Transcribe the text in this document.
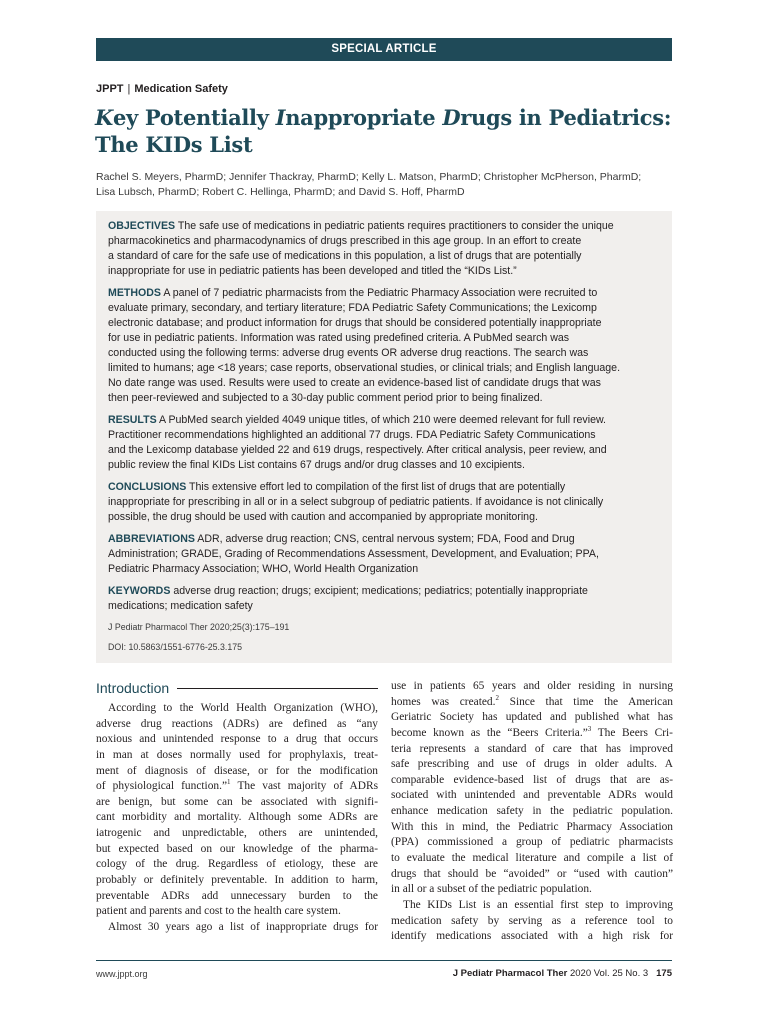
SPECIAL ARTICLE
JPPT | Medication Safety
Key Potentially Inappropriate Drugs in Pediatrics:
The KIDs List
Rachel S. Meyers, PharmD; Jennifer Thackray, PharmD; Kelly L. Matson, PharmD; Christopher McPherson, PharmD;
Lisa Lubsch, PharmD; Robert C. Hellinga, PharmD; and David S. Hoff, PharmD
OBJECTIVES The safe use of medications in pediatric patients requires practitioners to consider the unique
pharmacokinetics and pharmacodynamics of drugs prescribed in this age group. In an effort to create
a standard of care for the safe use of medications in this population, a list of drugs that are potentially
inappropriate for use in pediatric patients has been developed and titled the “KIDs List.”
METHODS A panel of 7 pediatric pharmacists from the Pediatric Pharmacy Association were recruited to
evaluate primary, secondary, and tertiary literature; FDA Pediatric Safety Communications; the Lexicomp
electronic database; and product information for drugs that should be considered potentially inappropriate
for use in pediatric patients. Information was rated using predefined criteria. A PubMed search was
conducted using the following terms: adverse drug events OR adverse drug reactions. The search was
limited to humans; age <18 years; case reports, observational studies, or clinical trials; and English language.
No date range was used. Results were used to create an evidence-based list of candidate drugs that was
then peer-reviewed and subjected to a 30-day public comment period prior to being finalized.
RESULTS A PubMed search yielded 4049 unique titles, of which 210 were deemed relevant for full review.
Practitioner recommendations highlighted an additional 77 drugs. FDA Pediatric Safety Communications
and the Lexicomp database yielded 22 and 619 drugs, respectively. After critical analysis, peer review, and
public review the final KIDs List contains 67 drugs and/or drug classes and 10 excipients.
CONCLUSIONS This extensive effort led to compilation of the first list of drugs that are potentially
inappropriate for prescribing in all or in a select subgroup of pediatric patients. If avoidance is not clinically
possible, the drug should be used with caution and accompanied by appropriate monitoring.
ABBREVIATIONS ADR, adverse drug reaction; CNS, central nervous system; FDA, Food and Drug
Administration; GRADE, Grading of Recommendations Assessment, Development, and Evaluation; PPA,
Pediatric Pharmacy Association; WHO, World Health Organization
KEYWORDS adverse drug reaction; drugs; excipient; medications; pediatrics; potentially inappropriate
medications; medication safety
J Pediatr Pharmacol Ther 2020;25(3):175–191
DOI: 10.5863/1551-6776-25.3.175
Introduction

According to the World Health Organization (WHO),
adverse drug reactions (ADRs) are defined as “any
noxious and unintended response to a drug that occurs
in man at doses normally used for prophylaxis, treat-
ment of diagnosis of disease, or for the modification
of physiological function.”$^1$ The vast majority of ADRs
are benign, but some can be associated with signifi-
cant morbidity and mortality. Although some ADRs are
iatrogenic and unpredictable, others are unintended,
but expected based on our knowledge of the pharma-
cology of the drug. Regardless of etiology, these are
probably or definitely preventable. In addition to harm,
preventable ADRs add unnecessary burden to the
patient and parents and cost to the health care system.

Almost 30 years ago a list of inappropriate drugs for

use in patients 65 years and older residing in nursing
homes was created.$^2$ Since that time the American
Geriatric Society has updated and published what has
become known as the “Beers Criteria.”$^3$ The Beers Cri-
teria represents a standard of care that has improved
safe prescribing and use of drugs in older adults. A
comparable evidence-based list of drugs that are as-
sociated with unintended and preventable ADRs would
enhance medication safety in the pediatric population.
With this in mind, the Pediatric Pharmacy Association
(PPA) commissioned a group of pediatric pharmacists
to evaluate the medical literature and compile a list of
drugs that should be “avoided” or “used with caution”
in all or a subset of the pediatric population.

The KIDs List is an essential first step to improving
medication safety by serving as a reference tool to
identify medications associated with a high risk for

www.jppt.org	J Pediatr Pharmacol Ther 2020 Vol. 25 No. 3 175
